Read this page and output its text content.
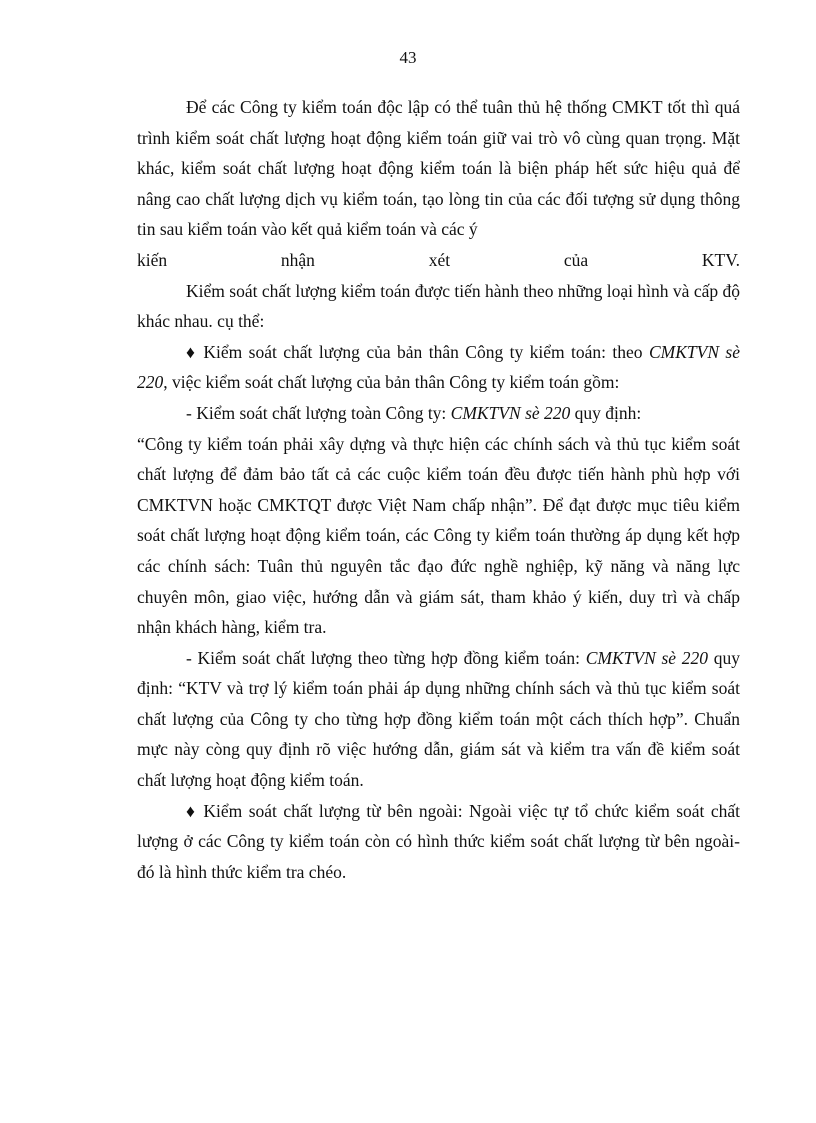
43

Để các Công ty kiểm toán độc lập có thể tuân thủ hệ thống CMKT tốt thì quá trình kiểm soát chất lượng hoạt động kiểm toán giữ vai trò vô cùng quan trọng. Mặt khác, kiểm soát chất lượng hoạt động kiểm toán là biện pháp hết sức hiệu quả để nâng cao chất lượng dịch vụ kiểm toán, tạo lòng tin của các đối tượng sử dụng thông tin sau kiểm toán vào kết quả kiểm toán và các ý

kiến nhận xét của KTV.

Kiểm soát chất lượng kiểm toán được tiến hành theo những loại hình và cấp độ khác nhau. cụ thể:

♦ Kiểm soát chất lượng của bản thân Công ty kiểm toán: theo CMKTVN sè 220, việc kiểm soát chất lượng của bản thân Công ty kiểm toán gồm:

- Kiểm soát chất lượng toàn Công ty: CMKTVN sè 220 quy định:

“Công ty kiểm toán phải xây dựng và thực hiện các chính sách và thủ tục kiểm soát chất lượng để đảm bảo tất cả các cuộc kiểm toán đều được tiến hành phù hợp với CMKTVN hoặc CMKTQT được Việt Nam chấp nhận”. Để đạt được mục tiêu kiểm soát chất lượng hoạt động kiểm toán, các Công ty kiểm toán thường áp dụng kết hợp các chính sách: Tuân thủ nguyên tắc đạo đức nghề nghiệp, kỹ năng và năng lực chuyên môn, giao việc, hướng dẫn và giám sát, tham khảo ý kiến, duy trì và chấp nhận khách hàng, kiểm tra.

- Kiểm soát chất lượng theo từng hợp đồng kiểm toán: CMKTVN sè 220 quy định: “KTV và trợ lý kiểm toán phải áp dụng những chính sách và thủ tục kiểm soát chất lượng của Công ty cho từng hợp đồng kiểm toán một cách thích hợp”. Chuẩn mực này còng quy định rõ việc hướng dẫn, giám sát và kiểm tra vấn đề kiểm soát chất lượng hoạt động kiểm toán.

♦ Kiểm soát chất lượng từ bên ngoài: Ngoài việc tự tổ chức kiểm soát chất lượng ở các Công ty kiểm toán còn có hình thức kiểm soát chất lượng từ bên ngoài- đó là hình thức kiểm tra chéo.
